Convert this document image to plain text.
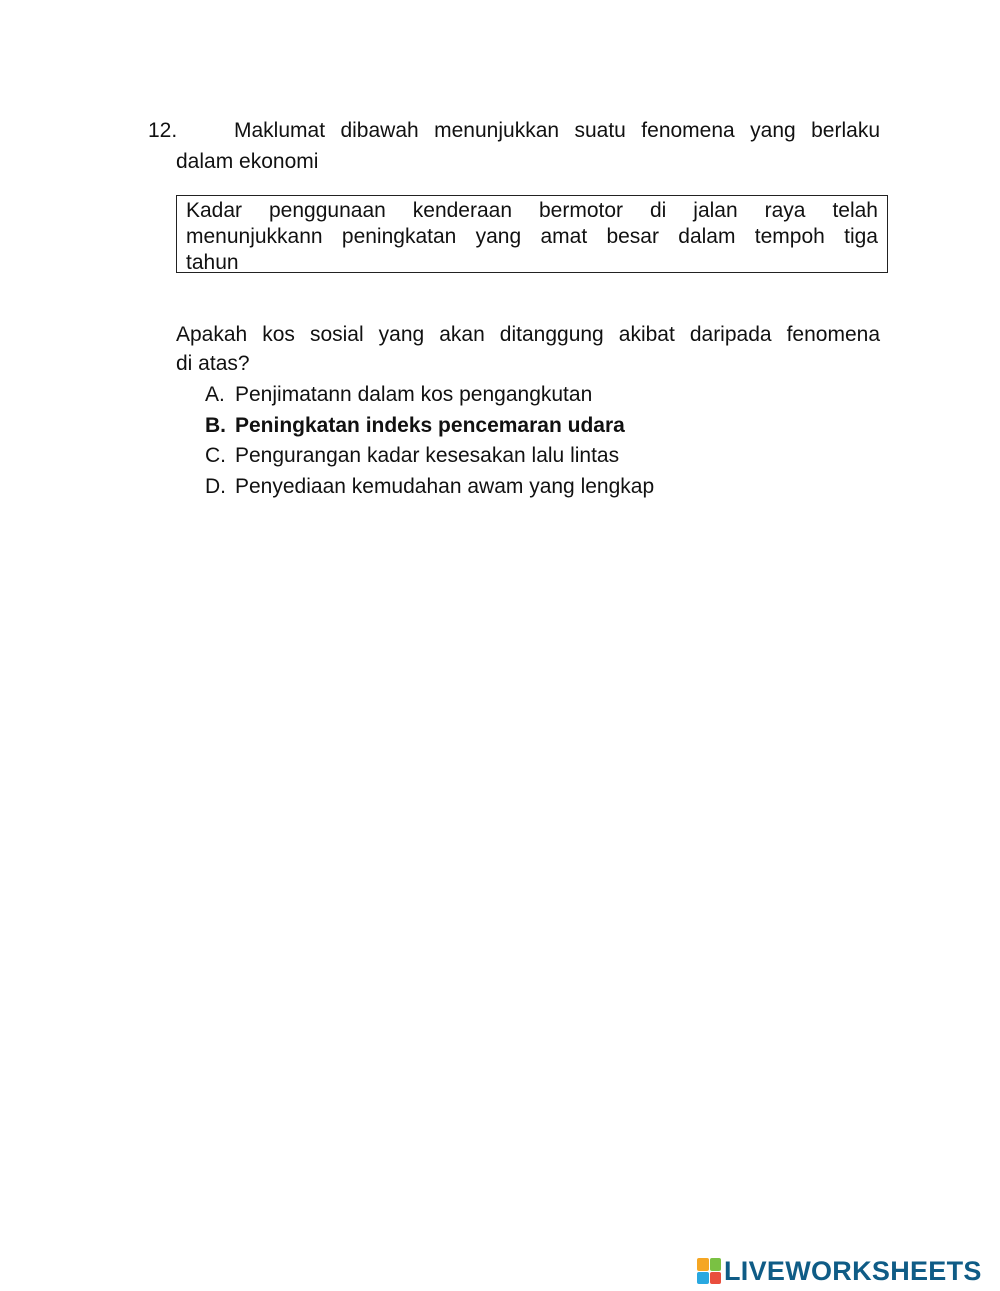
12.	Maklumat dibawah menunjukkan suatu fenomena yang berlaku
dalam ekonomi
Kadar penggunaan kenderaan bermotor di jalan raya telah
menunjukkann peningkatan yang amat besar dalam tempoh tiga
tahun
Apakah kos sosial yang akan ditanggung akibat daripada fenomena
di atas?
A. Penjimatann dalam kos pengangkutan
B. Peningkatan indeks pencemaran udara
C. Pengurangan kadar kesesakan lalu lintas
D. Penyediaan kemudahan awam yang lengkap
LIVEWORKSHEETS
